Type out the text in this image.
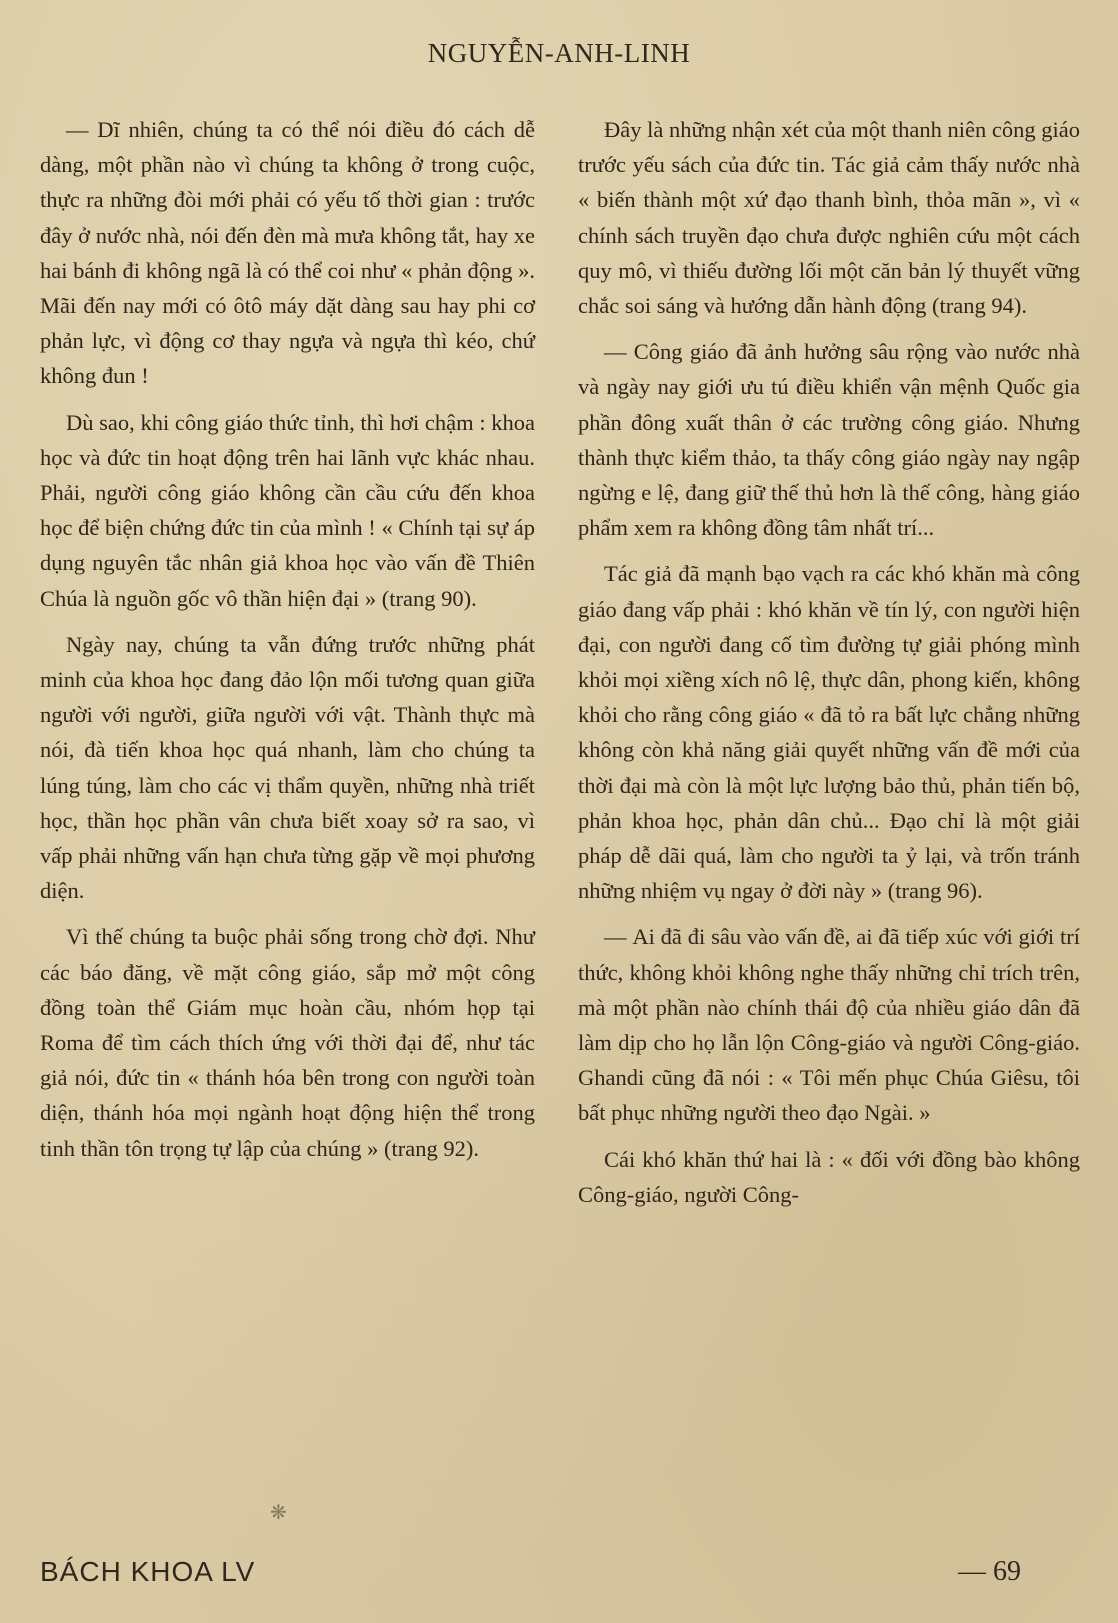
NGUYỄN-ANH-LINH

— Dĩ nhiên, chúng ta có thể nói điều đó cách dễ dàng, một phần nào vì chúng ta không ở trong cuộc, thực ra những đòi mới phải có yếu tố thời gian : trước đây ở nước nhà, nói đến đèn mà mưa không tắt, hay xe hai bánh đi không ngã là có thể coi như « phản động ». Mãi đến nay mới có ôtô máy dặt dàng sau hay phi cơ phản lực, vì động cơ thay ngựa và ngựa thì kéo, chứ không đun !

Dù sao, khi công giáo thức tỉnh, thì hơi chậm : khoa học và đức tin hoạt động trên hai lãnh vực khác nhau. Phải, người công giáo không cần cầu cứu đến khoa học để biện chứng đức tin của mình ! « Chính tại sự áp dụng nguyên tắc nhân giả khoa học vào vấn đề Thiên Chúa là nguồn gốc vô thần hiện đại » (trang 90).

Ngày nay, chúng ta vẫn đứng trước những phát minh của khoa học đang đảo lộn mối tương quan giữa người với người, giữa người với vật. Thành thực mà nói, đà tiến khoa học quá nhanh, làm cho chúng ta lúng túng, làm cho các vị thẩm quyền, những nhà triết học, thần học phần vân chưa biết xoay sở ra sao, vì vấp phải những vấn hạn chưa từng gặp về mọi phương diện.

Vì thế chúng ta buộc phải sống trong chờ đợi. Như các báo đăng, về mặt công giáo, sắp mở một công đồng toàn thể Giám mục hoàn cầu, nhóm họp tại Roma để tìm cách thích ứng với thời đại để, như tác giả nói, đức tin « thánh hóa bên trong con người toàn diện, thánh hóa mọi ngành hoạt động hiện thể trong tinh thần tôn trọng tự lập của chúng » (trang 92).

Đây là những nhận xét của một thanh niên công giáo trước yếu sách của đức tin. Tác giả cảm thấy nước nhà « biến thành một xứ đạo thanh bình, thỏa mãn », vì « chính sách truyền đạo chưa được nghiên cứu một cách quy mô, vì thiếu đường lối một căn bản lý thuyết vững chắc soi sáng và hướng dẫn hành động (trang 94).

— Công giáo đã ảnh hưởng sâu rộng vào nước nhà và ngày nay giới ưu tú điều khiển vận mệnh Quốc gia phần đông xuất thân ở các trường công giáo. Nhưng thành thực kiểm thảo, ta thấy công giáo ngày nay ngập ngừng e lệ, đang giữ thế thủ hơn là thế công, hàng giáo phẩm xem ra không đồng tâm nhất trí...

Tác giả đã mạnh bạo vạch ra các khó khăn mà công giáo đang vấp phải : khó khăn về tín lý, con người hiện đại, con người đang cố tìm đường tự giải phóng mình khỏi mọi xiềng xích nô lệ, thực dân, phong kiến, không khỏi cho rằng công giáo « đã tỏ ra bất lực chẳng những không còn khả năng giải quyết những vấn đề mới của thời đại mà còn là một lực lượng bảo thủ, phản tiến bộ, phản khoa học, phản dân chủ... Đạo chỉ là một giải pháp dễ dãi quá, làm cho người ta ỷ lại, và trốn tránh những nhiệm vụ ngay ở đời này » (trang 96).

— Ai đã đi sâu vào vấn đề, ai đã tiếp xúc với giới trí thức, không khỏi không nghe thấy những chỉ trích trên, mà một phần nào chính thái độ của nhiều giáo dân đã làm dịp cho họ lẫn lộn Công-giáo và người Công-giáo. Ghandi cũng đã nói : « Tôi mến phục Chúa Giêsu, tôi bất phục những người theo đạo Ngài. »

Cái khó khăn thứ hai là : « đối với đồng bào không Công-giáo, người Công-

❋
BÁCH KHOA LV	— 69
